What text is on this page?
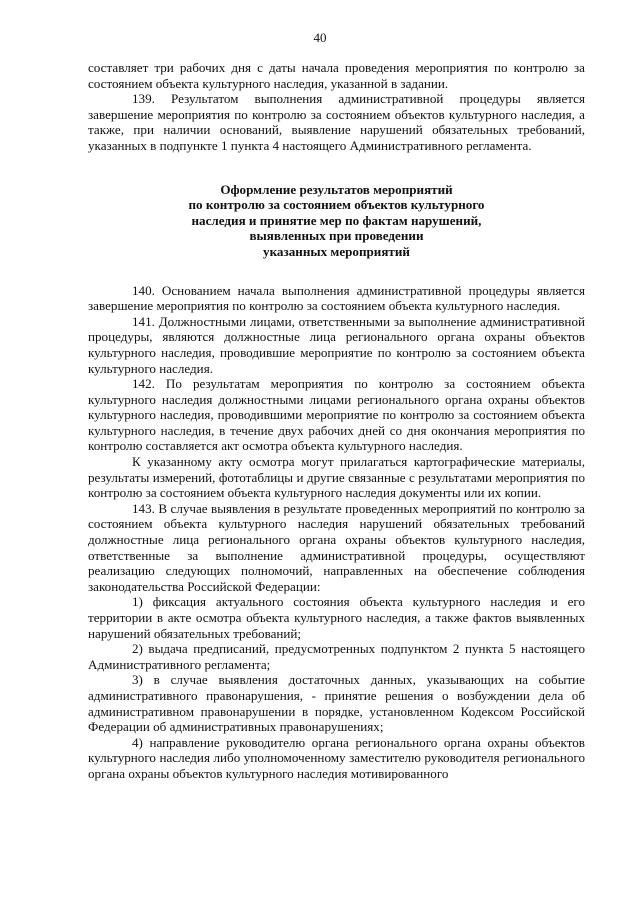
40

составляет три рабочих дня с даты начала проведения мероприятия по контролю за состоянием объекта культурного наследия, указанной в задании.

139. Результатом выполнения административной процедуры является завершение мероприятия по контролю за состоянием объектов культурного наследия, а также, при наличии оснований, выявление нарушений обязательных требований, указанных в подпункте 1 пункта 4 настоящего Административного регламента.

Оформление результатов мероприятий
по контролю за состоянием объектов культурного
наследия и принятие мер по фактам нарушений,
выявленных при проведении
указанных мероприятий

140. Основанием начала выполнения административной процедуры является завершение мероприятия по контролю за состоянием объекта культурного наследия.

141. Должностными лицами, ответственными за выполнение административной процедуры, являются должностные лица регионального органа охраны объектов культурного наследия, проводившие мероприятие по контролю за состоянием объекта культурного наследия.

142. По результатам мероприятия по контролю за состоянием объекта культурного наследия должностными лицами регионального органа охраны объектов культурного наследия, проводившими мероприятие по контролю за состоянием объекта культурного наследия, в течение двух рабочих дней со дня окончания мероприятия по контролю составляется акт осмотра объекта культурного наследия.

К указанному акту осмотра могут прилагаться картографические материалы, результаты измерений, фототаблицы и другие связанные с результатами мероприятия по контролю за состоянием объекта культурного наследия документы или их копии.

143. В случае выявления в результате проведенных мероприятий по контролю за состоянием объекта культурного наследия нарушений обязательных требований должностные лица регионального органа охраны объектов культурного наследия, ответственные за выполнение административной процедуры, осуществляют реализацию следующих полномочий, направленных на обеспечение соблюдения законодательства Российской Федерации:

1) фиксация актуального состояния объекта культурного наследия и его территории в акте осмотра объекта культурного наследия, а также фактов выявленных нарушений обязательных требований;

2) выдача предписаний, предусмотренных подпунктом 2 пункта 5 настоящего Административного регламента;

3) в случае выявления достаточных данных, указывающих на событие административного правонарушения, - принятие решения о возбуждении дела об административном правонарушении в порядке, установленном Кодексом Российской Федерации об административных правонарушениях;

4) направление руководителю органа регионального органа охраны объектов культурного наследия либо уполномоченному заместителю руководителя регионального органа охраны объектов культурного наследия мотивированного
